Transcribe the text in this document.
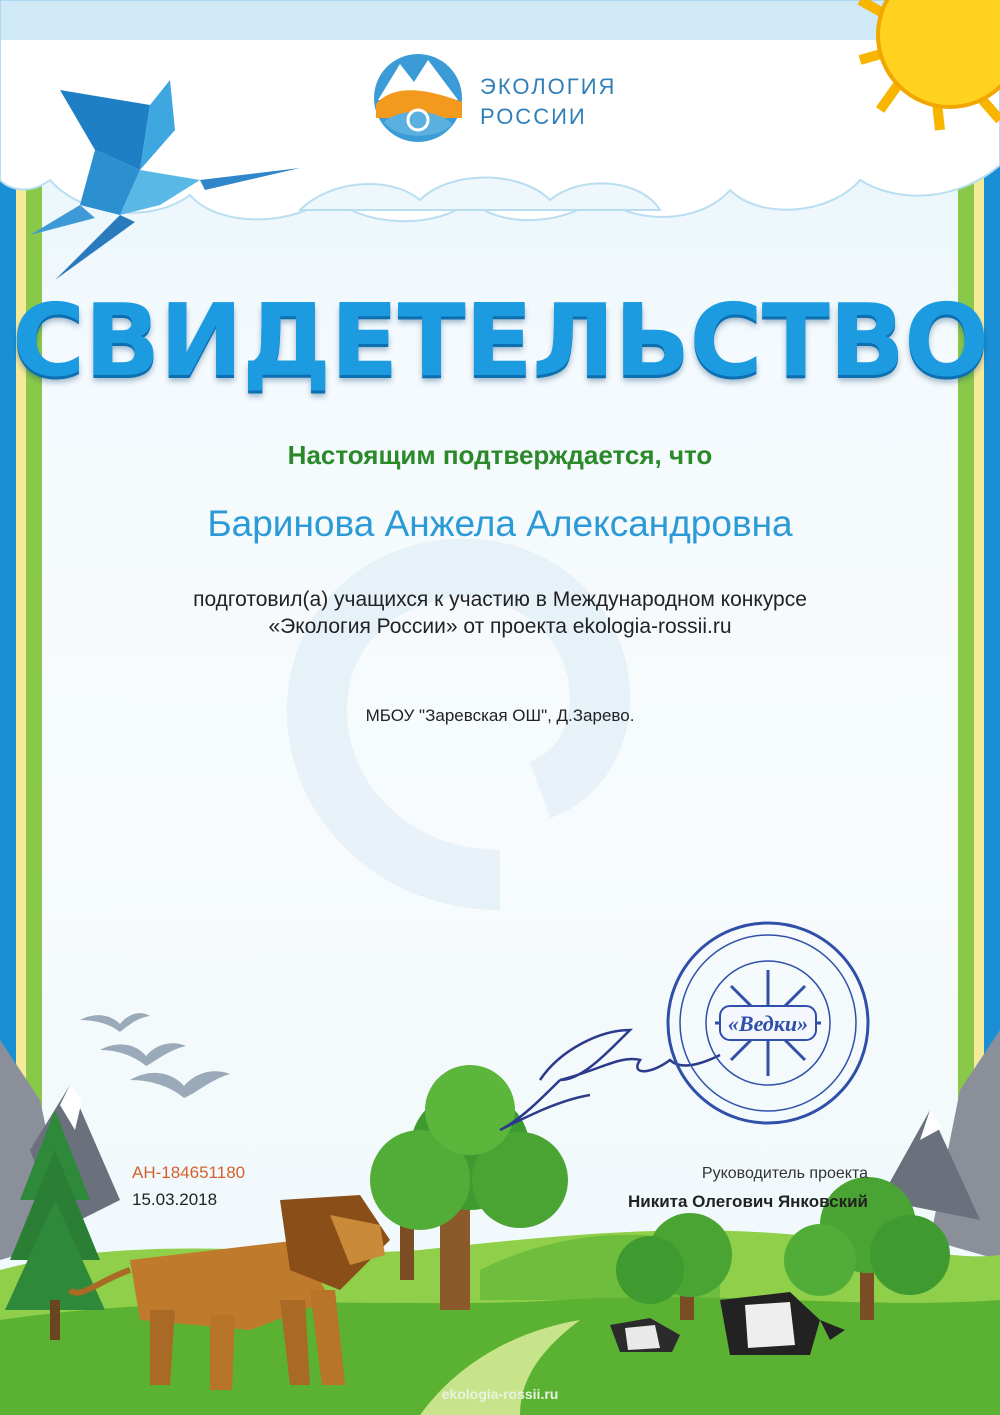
«Ведки»
ЭКОЛОГИЯ
РОССИИ
СВИДЕТЕЛЬСТВО
Настоящим подтверждается, что
Баринова Анжела Александровна
подготовил(а) учащихся к участию в Международном конкурсе
«Экология России» от проекта ekologia-rossii.ru
МБОУ "Заревская ОШ", Д.Зарево.
АН-184651180
15.03.2018
Руководитель проекта
Никита Олегович Янковский
ekologia-rossii.ru
